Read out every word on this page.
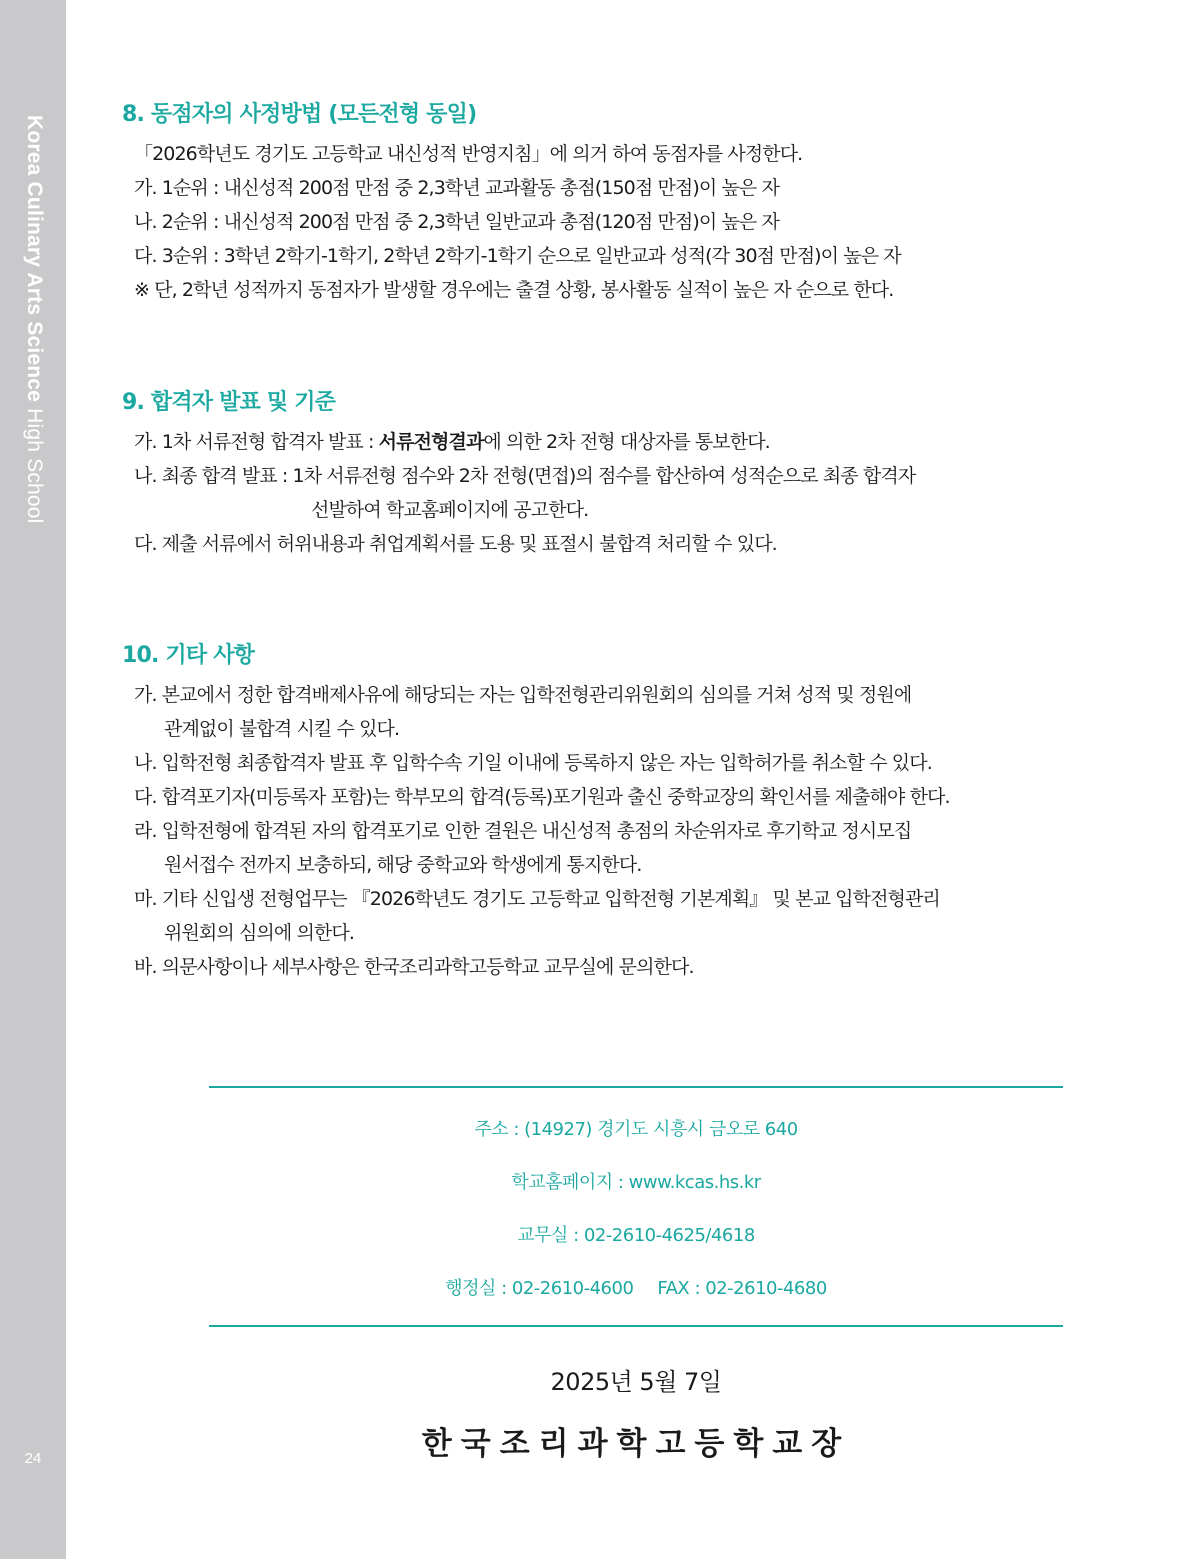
Korea Culinary Arts Science High School
24
8. 동점자의 사정방법 (모든전형 동일)
「2026학년도 경기도 고등학교 내신성적 반영지침」에 의거 하여 동점자를 사정한다.
가. 1순위 : 내신성적 200점 만점 중 2,3학년 교과활동 총점(150점 만점)이 높은 자
나. 2순위 : 내신성적 200점 만점 중 2,3학년 일반교과 총점(120점 만점)이 높은 자
다. 3순위 : 3학년 2학기-1학기, 2학년 2학기-1학기 순으로 일반교과 성적(각 30점 만점)이 높은 자
※ 단, 2학년 성적까지 동점자가 발생할 경우에는 출결 상황, 봉사활동 실적이 높은 자 순으로 한다.
9. 합격자 발표 및 기준
가. 1차 서류전형 합격자 발표 : 서류전형결과에 의한 2차 전형 대상자를 통보한다.
나. 최종 합격 발표 : 1차 서류전형 점수와 2차 전형(면접)의 점수를 합산하여 성적순으로 최종 합격자
선발하여 학교홈페이지에 공고한다.
다. 제출 서류에서 허위내용과 취업계획서를 도용 및 표절시 불합격 처리할 수 있다.
10. 기타 사항
가. 본교에서 정한 합격배제사유에 해당되는 자는 입학전형관리위원회의 심의를 거쳐 성적 및 정원에
관계없이 불합격 시킬 수 있다.
나. 입학전형 최종합격자 발표 후 입학수속 기일 이내에 등록하지 않은 자는 입학허가를 취소할 수 있다.
다. 합격포기자(미등록자 포함)는 학부모의 합격(등록)포기원과 출신 중학교장의 확인서를 제출해야 한다.
라. 입학전형에 합격된 자의 합격포기로 인한 결원은 내신성적 총점의 차순위자로 후기학교 정시모집
원서접수 전까지 보충하되, 해당 중학교와 학생에게 통지한다.
마. 기타 신입생 전형업무는 『2026학년도 경기도 고등학교 입학전형 기본계획』 및 본교 입학전형관리
위원회의 심의에 의한다.
바. 의문사항이나 세부사항은 한국조리과학고등학교 교무실에 문의한다.
주소 : (14927) 경기도 시흥시 금오로 640
학교홈페이지 : www.kcas.hs.kr
교무실 : 02-2610-4625/4618
행정실 : 02-2610-4600 FAX : 02-2610-4680
2025년 5월 7일
한국조리과학고등학교장
